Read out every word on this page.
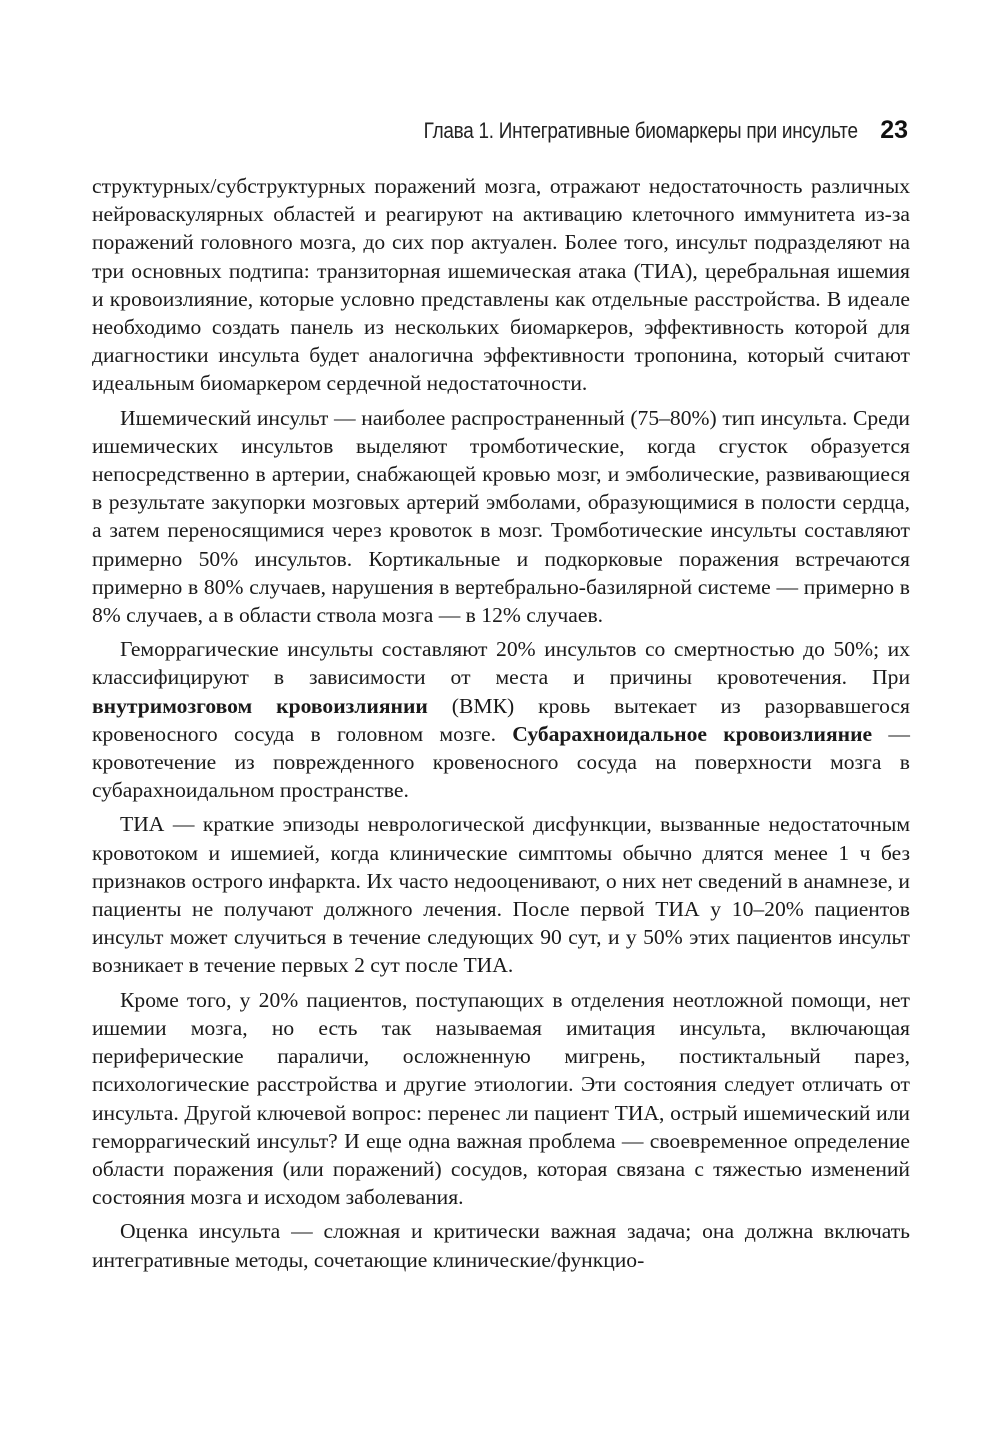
Глава 1. Интегративные биомаркеры при инсульте 23

структурных/субструктурных поражений мозга, отражают недостаточность различных нейроваскулярных областей и реагируют на активацию клеточного иммунитета из-за поражений головного мозга, до сих пор актуален. Более того, инсульт подразделяют на три основных подтипа: транзиторная ишемическая атака (ТИА), церебральная ишемия и кровоизлияние, которые условно представлены как отдельные расстройства. В идеале необходимо создать панель из нескольких биомаркеров, эффективность которой для диагностики инсульта будет аналогична эффективности тропонина, который считают идеальным биомаркером сердечной недостаточности.

Ишемический инсульт — наиболее распространенный (75–80%) тип инсульта. Среди ишемических инсультов выделяют тромботические, когда сгусток образуется непосредственно в артерии, снабжающей кровью мозг, и эмболические, развивающиеся в результате закупорки мозговых артерий эмболами, образующимися в полости сердца, а затем переносящимися через кровоток в мозг. Тромботические инсульты составляют примерно 50% инсультов. Кортикальные и подкорковые поражения встречаются примерно в 80% случаев, нарушения в вертебрально-базилярной системе — примерно в 8% случаев, а в области ствола мозга — в 12% случаев.

Геморрагические инсульты составляют 20% инсультов со смертностью до 50%; их классифицируют в зависимости от места и причины кровотечения. При внутримозговом кровоизлиянии (ВМК) кровь вытекает из разорвавшегося кровеносного сосуда в головном мозге. Субарахноидальное кровоизлияние — кровотечение из поврежденного кровеносного сосуда на поверхности мозга в субарахноидальном пространстве.

ТИА — краткие эпизоды неврологической дисфункции, вызванные недостаточным кровотоком и ишемией, когда клинические симптомы обычно длятся менее 1 ч без признаков острого инфаркта. Их часто недооценивают, о них нет сведений в анамнезе, и пациенты не получают должного лечения. После первой ТИА у 10–20% пациентов инсульт может случиться в течение следующих 90 сут, и у 50% этих пациентов инсульт возникает в течение первых 2 сут после ТИА.

Кроме того, у 20% пациентов, поступающих в отделения неотложной помощи, нет ишемии мозга, но есть так называемая имитация инсульта, включающая периферические параличи, осложненную мигрень, постиктальный парез, психологические расстройства и другие этиологии. Эти состояния следует отличать от инсульта. Другой ключевой вопрос: перенес ли пациент ТИА, острый ишемический или геморрагический инсульт? И еще одна важная проблема — своевременное определение области поражения (или поражений) сосудов, которая связана с тяжестью изменений состояния мозга и исходом заболевания.

Оценка инсульта — сложная и критически важная задача; она должна включать интегративные методы, сочетающие клинические/функцио-
